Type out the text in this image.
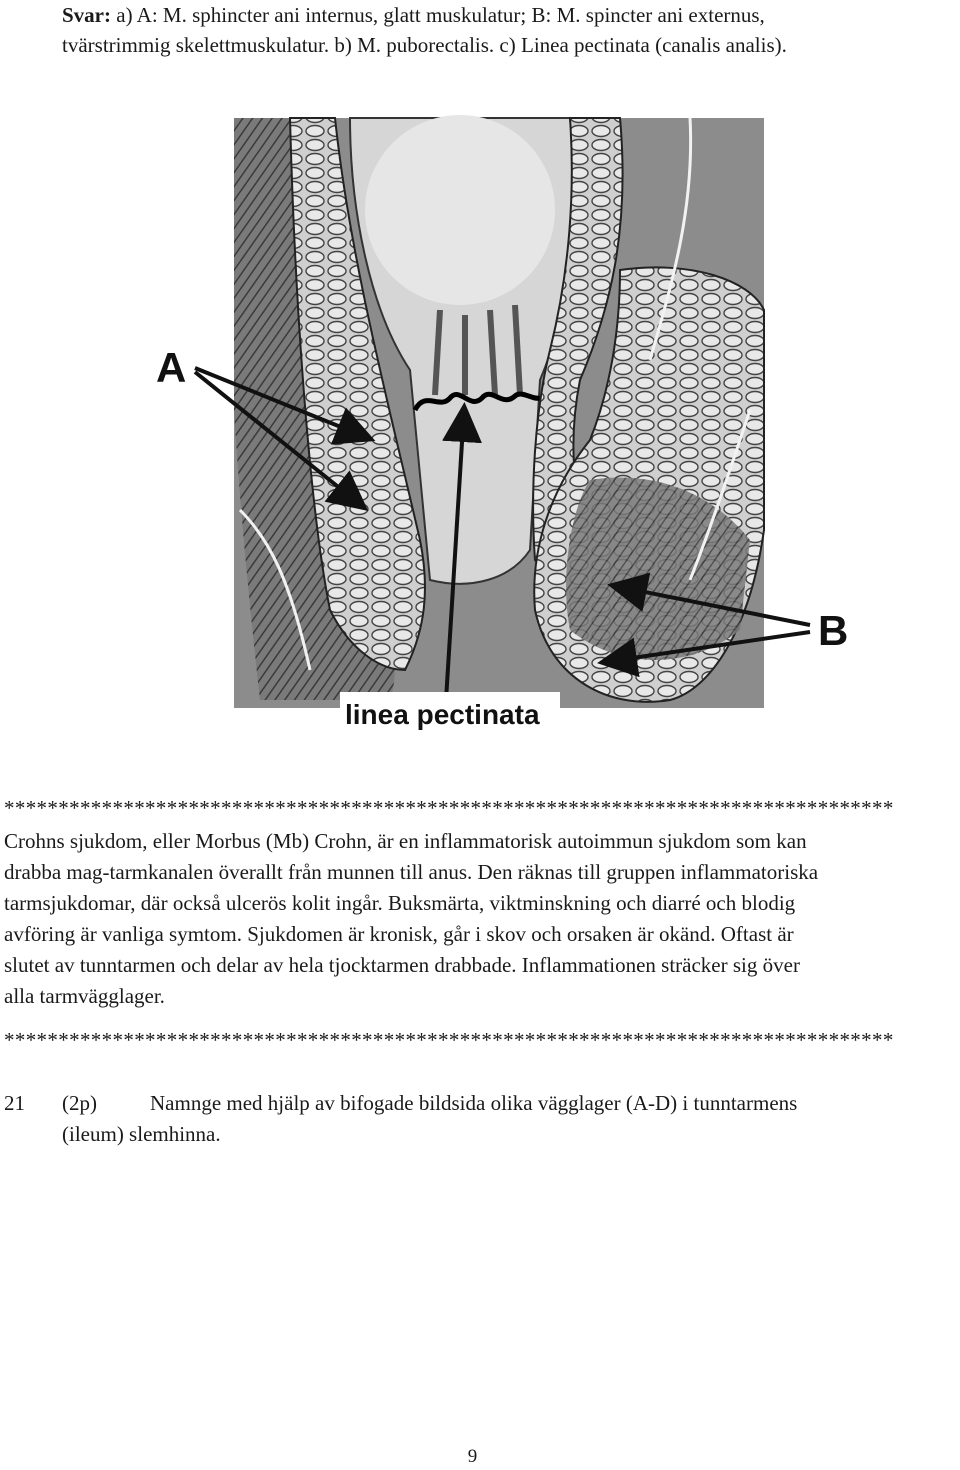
Svar: a) A: M. sphincter ani internus, glatt muskulatur; B: M. spincter ani externus,
tvärstrimmig skelettmuskulatur. b) M. puborectalis. c) Linea pectinata (canalis analis).
A
B
linea pectinata
**********************************************************************************
Crohns sjukdom, eller Morbus (Mb) Crohn, är en inflammatorisk autoimmun sjukdom som kan
drabba mag-tarmkanalen överallt från munnen till anus. Den räknas till gruppen inflammatoriska
tarmsjukdomar, där också ulcerös kolit ingår. Buksmärta, viktminskning och diarré och blodig
avföring är vanliga symtom. Sjukdomen är kronisk, går i skov och orsaken är okänd. Oftast är
slutet av tunntarmen och delar av hela tjocktarmen drabbade. Inflammationen sträcker sig över
alla tarmvägglager.
**********************************************************************************
21 (2p)	Namnge med hjälp av bifogade bildsida olika vägglager (A-D) i tunntarmens
(ileum) slemhinna.
9
